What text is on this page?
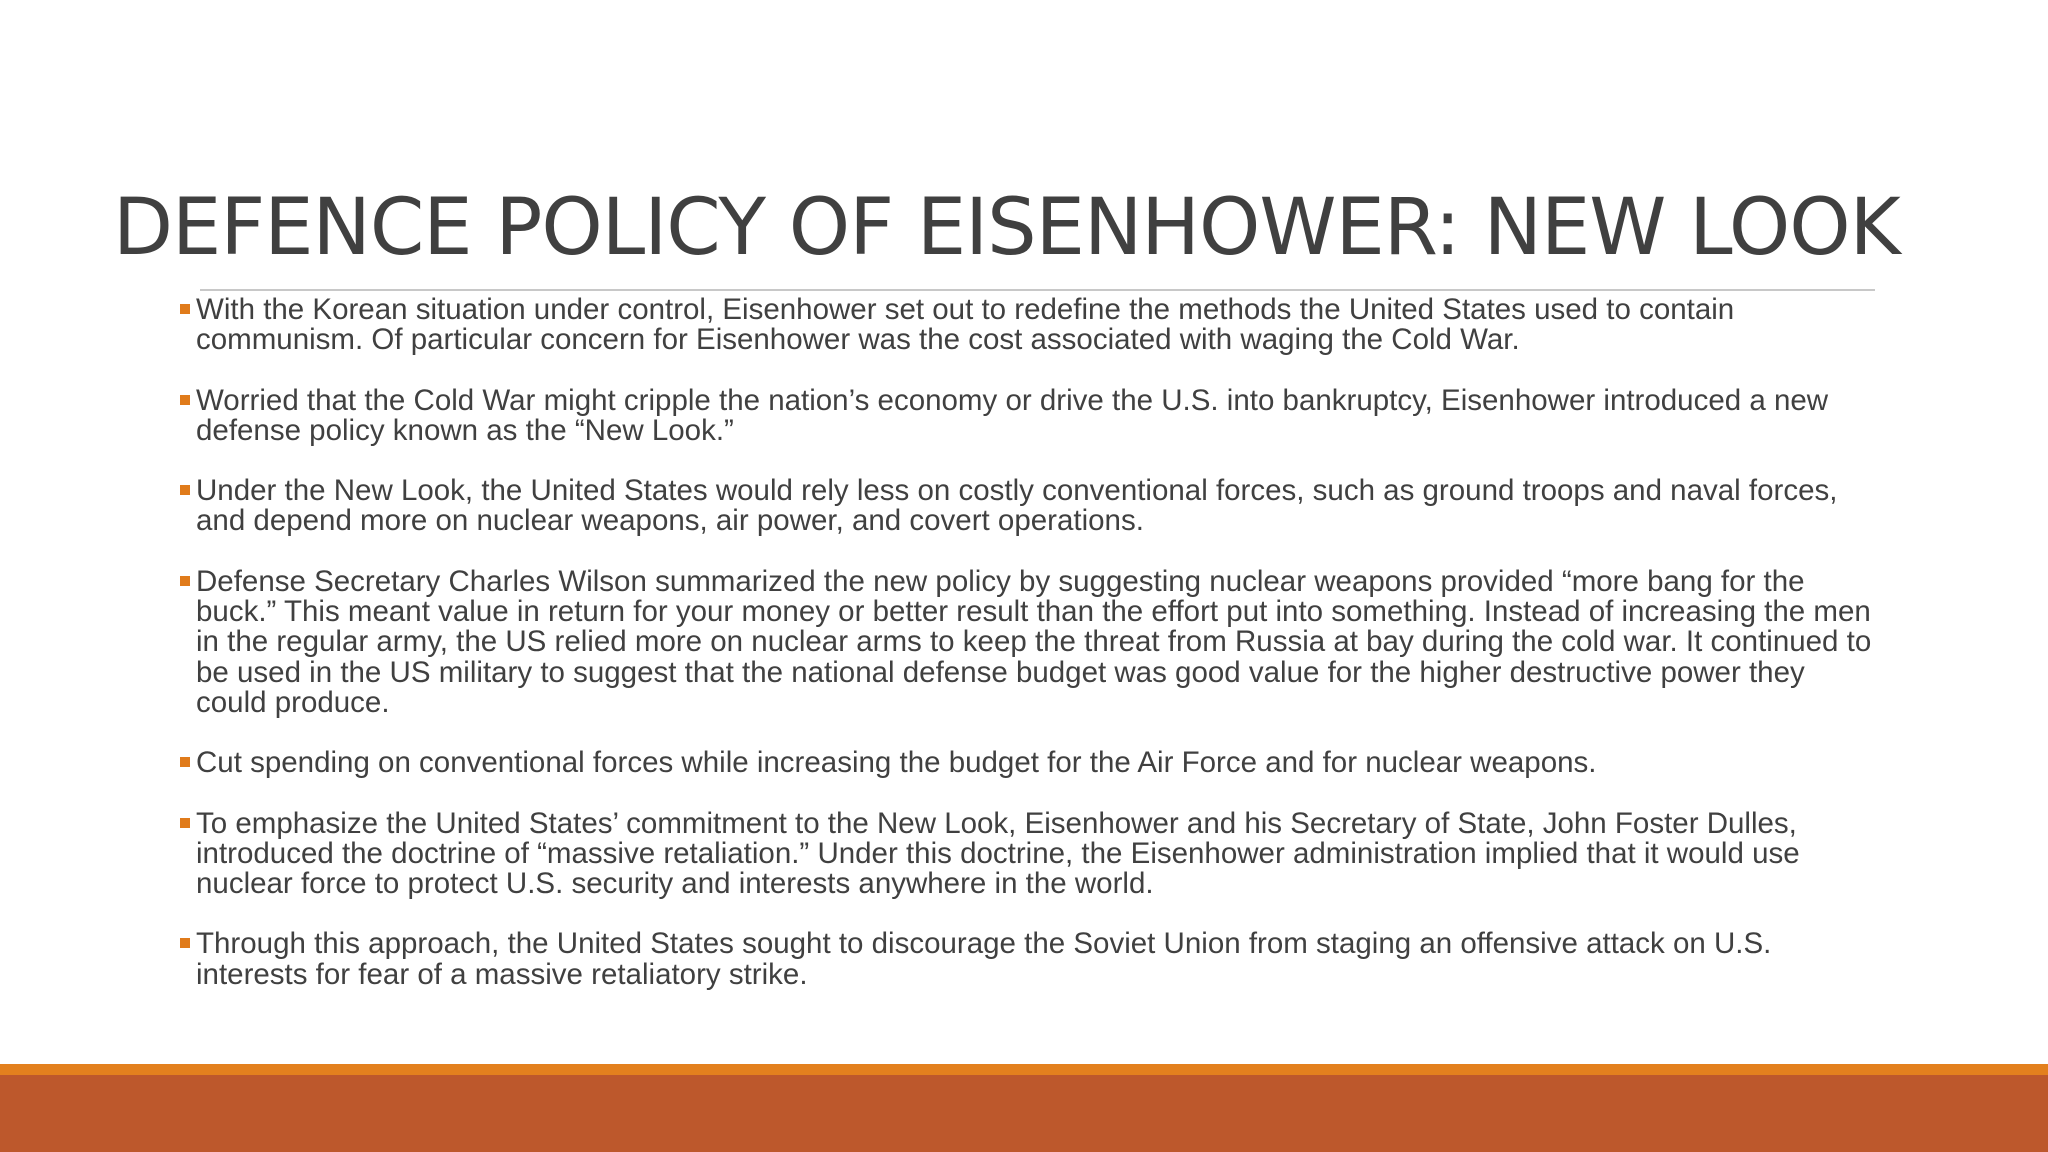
DEFENCE POLICY OF EISENHOWER: NEW LOOK
With the Korean situation under control, Eisenhower set out to redefine the methods the United States used to contain communism. Of particular concern for Eisenhower was the cost associated with waging the Cold War.
Worried that the Cold War might cripple the nation’s economy or drive the U.S. into bankruptcy, Eisenhower introduced a new defense policy known as the “New Look.”
Under the New Look, the United States would rely less on costly conventional forces, such as ground troops and naval forces, and depend more on nuclear weapons, air power, and covert operations.
Defense Secretary Charles Wilson summarized the new policy by suggesting nuclear weapons provided “more bang for the buck.” This meant value in return for your money or better result than the effort put into something. Instead of increasing the men in the regular army, the US relied more on nuclear arms to keep the threat from Russia at bay during the cold war. It continued to be used in the US military to suggest that the national defense budget was good value for the higher destructive power they could produce.
Cut spending on conventional forces while increasing the budget for the Air Force and for nuclear weapons.
To emphasize the United States’ commitment to the New Look, Eisenhower and his Secretary of State, John Foster Dulles, introduced the doctrine of “massive retaliation.” Under this doctrine, the Eisenhower administration implied that it would use nuclear force to protect U.S. security and interests anywhere in the world.
Through this approach, the United States sought to discourage the Soviet Union from staging an offensive attack on U.S. interests for fear of a massive retaliatory strike.
